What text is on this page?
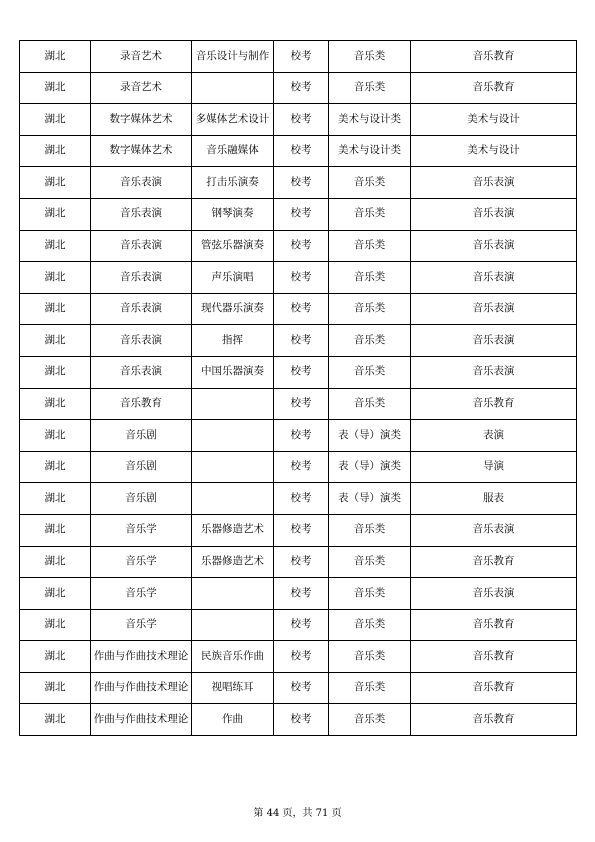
湖北	录音艺术	音乐设计与制作	校考	音乐类	音乐教育
湖北	录音艺术		校考	音乐类	音乐教育
湖北	数字媒体艺术	多媒体艺术设计	校考	美术与设计类	美术与设计
湖北	数字媒体艺术	音乐融媒体	校考	美术与设计类	美术与设计
湖北	音乐表演	打击乐演奏	校考	音乐类	音乐表演
湖北	音乐表演	钢琴演奏	校考	音乐类	音乐表演
湖北	音乐表演	管弦乐器演奏	校考	音乐类	音乐表演
湖北	音乐表演	声乐演唱	校考	音乐类	音乐表演
湖北	音乐表演	现代器乐演奏	校考	音乐类	音乐表演
湖北	音乐表演	指挥	校考	音乐类	音乐表演
湖北	音乐表演	中国乐器演奏	校考	音乐类	音乐表演
湖北	音乐教育		校考	音乐类	音乐教育
湖北	音乐剧		校考	表（导）演类	表演
湖北	音乐剧		校考	表（导）演类	导演
湖北	音乐剧		校考	表（导）演类	服表
湖北	音乐学	乐器修造艺术	校考	音乐类	音乐表演
湖北	音乐学	乐器修造艺术	校考	音乐类	音乐教育
湖北	音乐学		校考	音乐类	音乐表演
湖北	音乐学		校考	音乐类	音乐教育
湖北	作曲与作曲技术理论	民族音乐作曲	校考	音乐类	音乐教育
湖北	作曲与作曲技术理论	视唱练耳	校考	音乐类	音乐教育
湖北	作曲与作曲技术理论	作曲	校考	音乐类	音乐教育
第 44 页，共 71 页
